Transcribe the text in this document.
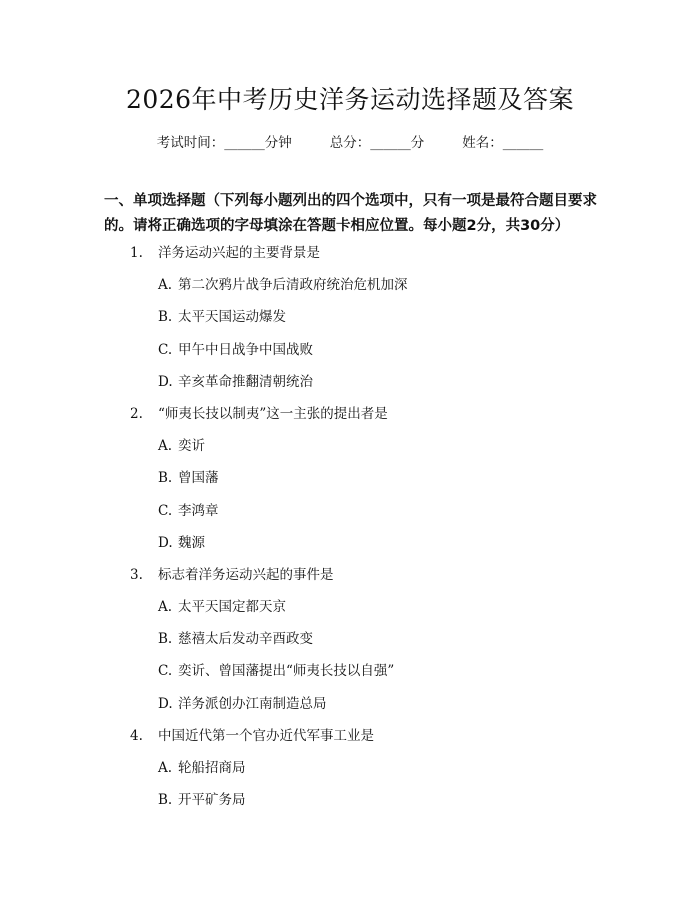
2026年中考历史洋务运动选择题及答案
考试时间：______分钟	总分：______分	姓名：______
一、单项选择题（下列每小题列出的四个选项中，只有一项是最符合题目要求的。请将正确选项的字母填涂在答题卡相应位置。每小题2分，共30分）
1. 洋务运动兴起的主要背景是
A. 第二次鸦片战争后清政府统治危机加深
B. 太平天国运动爆发
C. 甲午中日战争中国战败
D. 辛亥革命推翻清朝统治
2. “师夷长技以制夷”这一主张的提出者是
A. 奕䜣
B. 曾国藩
C. 李鸿章
D. 魏源
3. 标志着洋务运动兴起的事件是
A. 太平天国定都天京
B. 慈禧太后发动辛酉政变
C. 奕䜣、曾国藩提出“师夷长技以自强”
D. 洋务派创办江南制造总局
4. 中国近代第一个官办近代军事工业是
A. 轮船招商局
B. 开平矿务局
